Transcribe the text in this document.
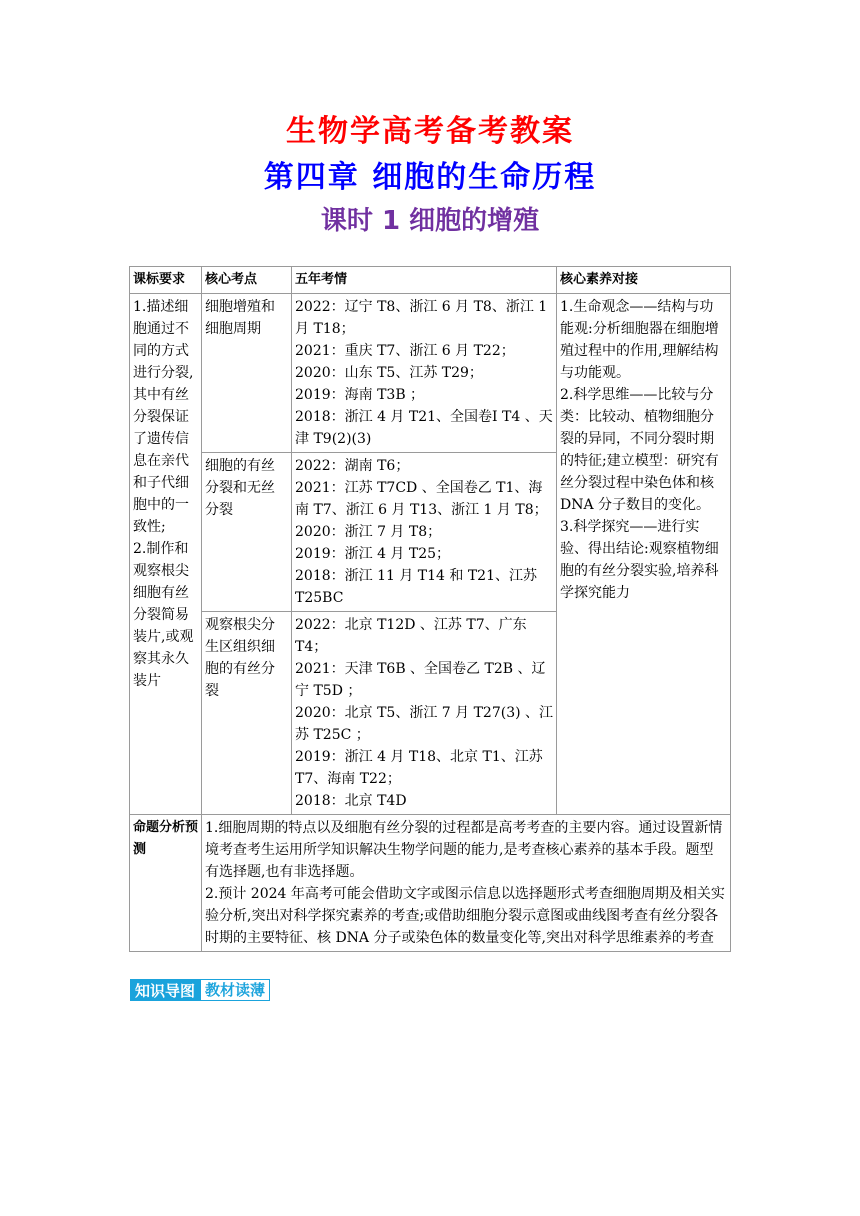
生物学高考备考教案
第四章 细胞的生命历程
课时 1 细胞的增殖
课标要求	核心考点	五年考情	核心素养对接

1.描述细胞通过不同的方式进行分裂,其中有丝分裂保证了遗传信息在亲代和子代细胞中的一致性;
2.制作和观察根尖细胞有丝分裂简易装片,或观察其永久装片	细胞增殖和细胞周期	2022：辽宁 T8、浙江 6 月 T8、浙江 1 月 T18；
2021：重庆 T7、浙江 6 月 T22；
2020：山东 T5、江苏 T29；
2019：海南 T3B ；
2018：浙江 4 月 T21、全国卷Ⅰ T4 、天津 T9(2)(3)	1.生命观念——结构与功能观:分析细胞器在细胞增殖过程中的作用,理解结构与功能观。
2.科学思维——比较与分类：比较动、植物细胞分裂的异同，不同分裂时期的特征;建立模型：研究有丝分裂过程中染色体和核 DNA 分子数目的变化。
3.科学探究——进行实验、得出结论:观察植物细胞的有丝分裂实验,培养科学探究能力

	细胞的有丝分裂和无丝分裂	2022：湖南 T6；
2021：江苏 T7CD 、全国卷乙 T1、海南 T7、浙江 6 月 T13、浙江 1 月 T8；
2020：浙江 7 月 T8；
2019：浙江 4 月 T25；
2018：浙江 11 月 T14 和 T21、江苏 T25BC	

	观察根尖分生区组织细胞的有丝分裂	2022：北京 T12D 、江苏 T7、广东 T4；
2021：天津 T6B 、全国卷乙 T2B 、辽宁 T5D ；
2020：北京 T5、浙江 7 月 T27(3) 、江苏 T25C ；
2019：浙江 4 月 T18、北京 T1、江苏 T7、海南 T22；
2018：北京 T4D	

命题分析预测	1.细胞周期的特点以及细胞有丝分裂的过程都是高考考查的主要内容。通过设置新情境考查考生运用所学知识解决生物学问题的能力,是考查核心素养的基本手段。题型有选择题,也有非选择题。
2.预计 2024 年高考可能会借助文字或图示信息以选择题形式考查细胞周期及相关实验分析,突出对科学探究素养的考查;或借助细胞分裂示意图或曲线图考查有丝分裂各时期的主要特征、核 DNA 分子或染色体的数量变化等,突出对科学思维素养的考查		
知识导图 教材读薄
